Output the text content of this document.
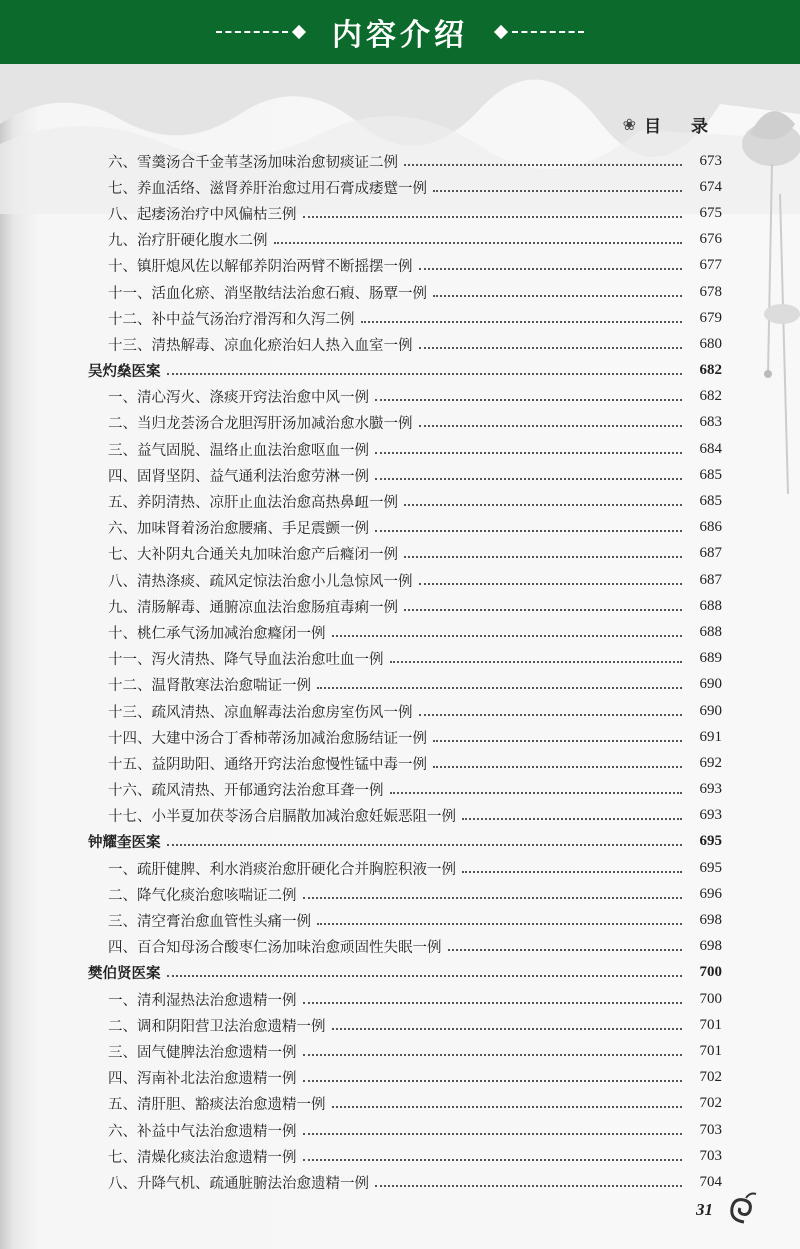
内容介绍
❀ 目 录
六、雪羹汤合千金苇茎汤加味治愈韧痰证二例	673
七、养血活络、滋肾养肝治愈过用石膏成痿躄一例	674
八、起痿汤治疗中风偏枯三例	675
九、治疗肝硬化腹水二例	676
十、镇肝熄风佐以解郁养阴治两臂不断摇摆一例	677
十一、活血化瘀、消坚散结法治愈石瘕、肠覃一例	678
十二、补中益气汤治疗滑泻和久泻二例	679
十三、清热解毒、凉血化瘀治妇人热入血室一例	680
吴灼燊医案	682
一、清心泻火、涤痰开窍法治愈中风一例	682
二、当归龙荟汤合龙胆泻肝汤加减治愈水臌一例	683
三、益气固脱、温络止血法治愈呕血一例	684
四、固肾坚阴、益气通利法治愈劳淋一例	685
五、养阴清热、凉肝止血法治愈高热鼻衄一例	685
六、加味肾着汤治愈腰痛、手足震颤一例	686
七、大补阴丸合通关丸加味治愈产后癃闭一例	687
八、清热涤痰、疏风定惊法治愈小儿急惊风一例	687
九、清肠解毒、通腑凉血法治愈肠疽毒痢一例	688
十、桃仁承气汤加减治愈癃闭一例	688
十一、泻火清热、降气导血法治愈吐血一例	689
十二、温肾散寒法治愈喘证一例	690
十三、疏风清热、凉血解毒法治愈房室伤风一例	690
十四、大建中汤合丁香柿蒂汤加减治愈肠结证一例	691
十五、益阴助阳、通络开窍法治愈慢性锰中毒一例	692
十六、疏风清热、开郁通窍法治愈耳聋一例	693
十七、小半夏加茯苓汤合启膈散加减治愈妊娠恶阻一例	693
钟耀奎医案	695
一、疏肝健脾、利水消痰治愈肝硬化合并胸腔积液一例	695
二、降气化痰治愈咳喘证二例	696
三、清空膏治愈血管性头痛一例	698
四、百合知母汤合酸枣仁汤加味治愈顽固性失眠一例	698
樊伯贤医案	700
一、清利湿热法治愈遗精一例	700
二、调和阴阳营卫法治愈遗精一例	701
三、固气健脾法治愈遗精一例	701
四、泻南补北法治愈遗精一例	702
五、清肝胆、豁痰法治愈遗精一例	702
六、补益中气法治愈遗精一例	703
七、清燥化痰法治愈遗精一例	703
八、升降气机、疏通脏腑法治愈遗精一例	704
31
